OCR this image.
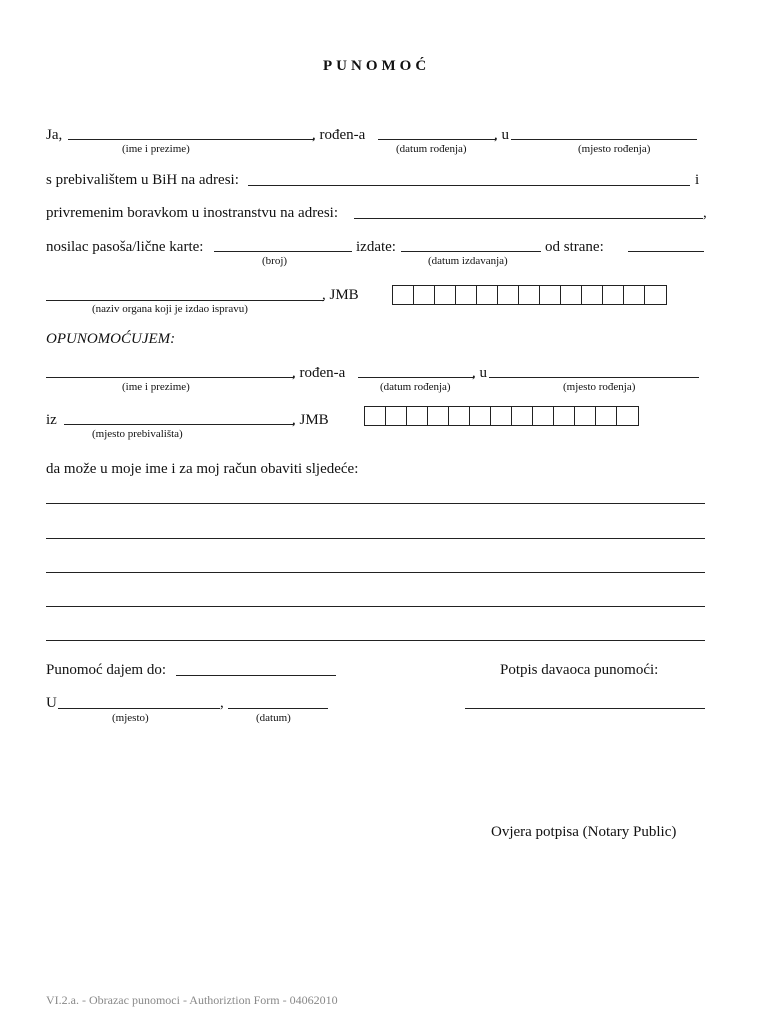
PUNOMOĆ
Ja,	, rođen-a	, u
(ime i prezime)	(datum rođenja)	(mjesto rođenja)
s prebivalištem u BiH na adresi:	i
privremenim boravkom u inostranstvu na adresi:	,
nosilac pasoša/lične karte:	izdate:	od strane:
(broj)	(datum izdavanja)
, JMB
(naziv organa koji je izdao ispravu)
OPUNOMOĆUJEM:
, rođen-a	, u
(ime i prezime)	(datum rođenja)	(mjesto rođenja)
iz	, JMB
(mjesto prebivališta)
da može u moje ime i za moj račun obaviti sljedeće:
Punomoć dajem do:	Potpis davaoca punomoći:
U	,
(mjesto)	(datum)
Ovjera potpisa (Notary Public)
VI.2.a. - Obrazac punomoci - Authoriztion Form - 04062010
